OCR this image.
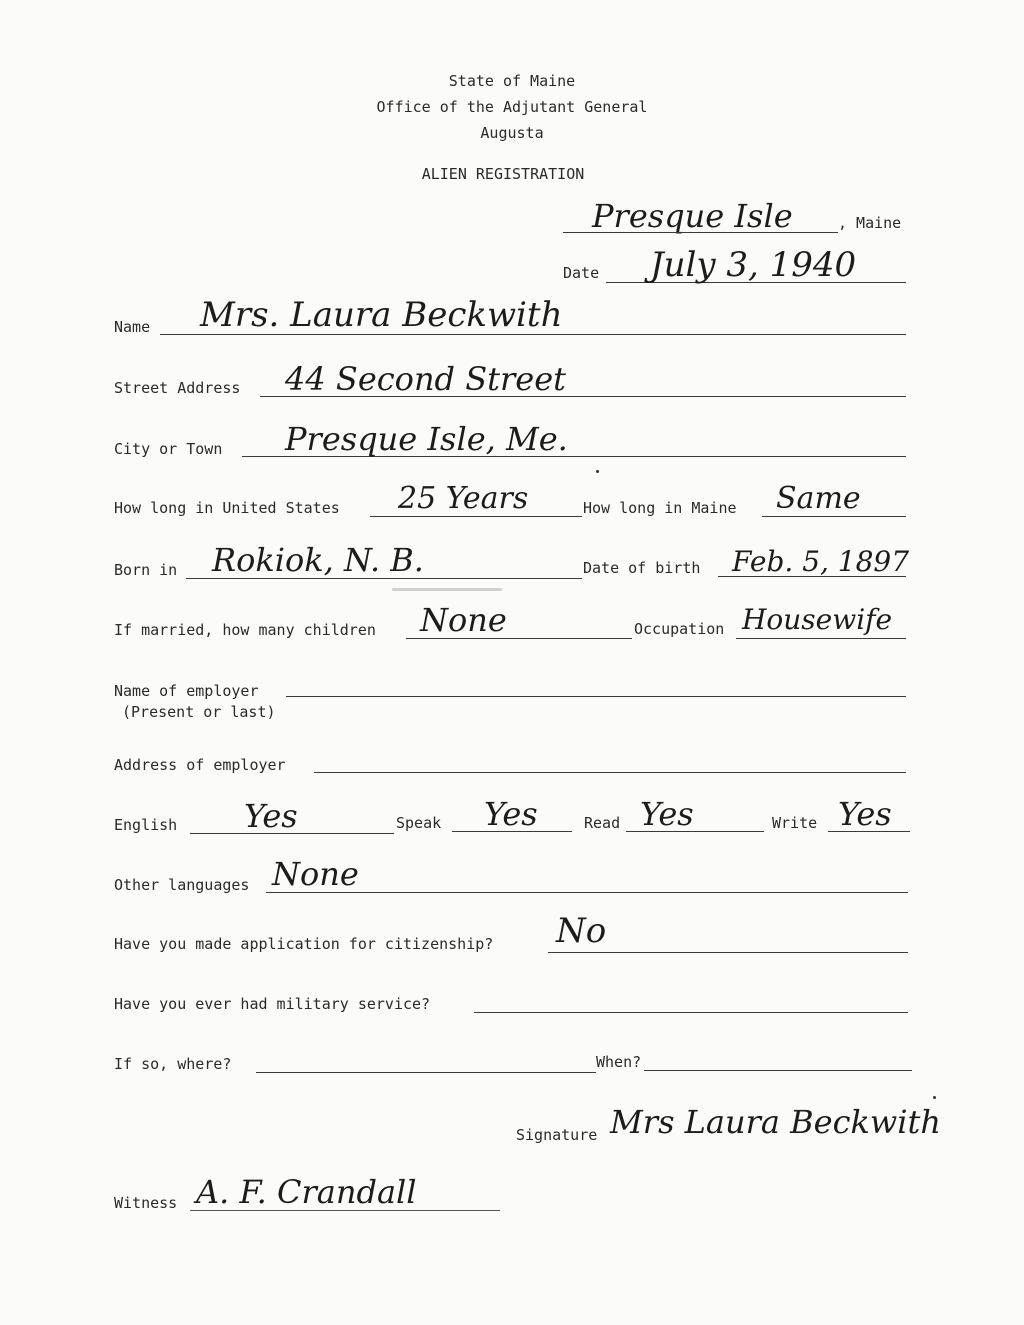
State of Maine
Office of the Adjutant General
Augusta
ALIEN REGISTRATION
Presque Isle	, Maine
Date July 3, 1940
Name Mrs. Laura Beckwith
Street Address 44 Second Street
City or Town Presque Isle, Me.
How long in United States 25 Years	How long in Maine Same
Born in Rokiok, N. B.	Date of birth Feb. 5, 1897
If married, how many children None	Occupation Housewife
Name of employer
(Present or last)
Address of employer
English Yes	Speak Yes	Read Yes	Write Yes
Other languages None
Have you made application for citizenship? No
Have you ever had military service?
If so, where?	When?
Signature Mrs Laura Beckwith
Witness A. F. Crandall
